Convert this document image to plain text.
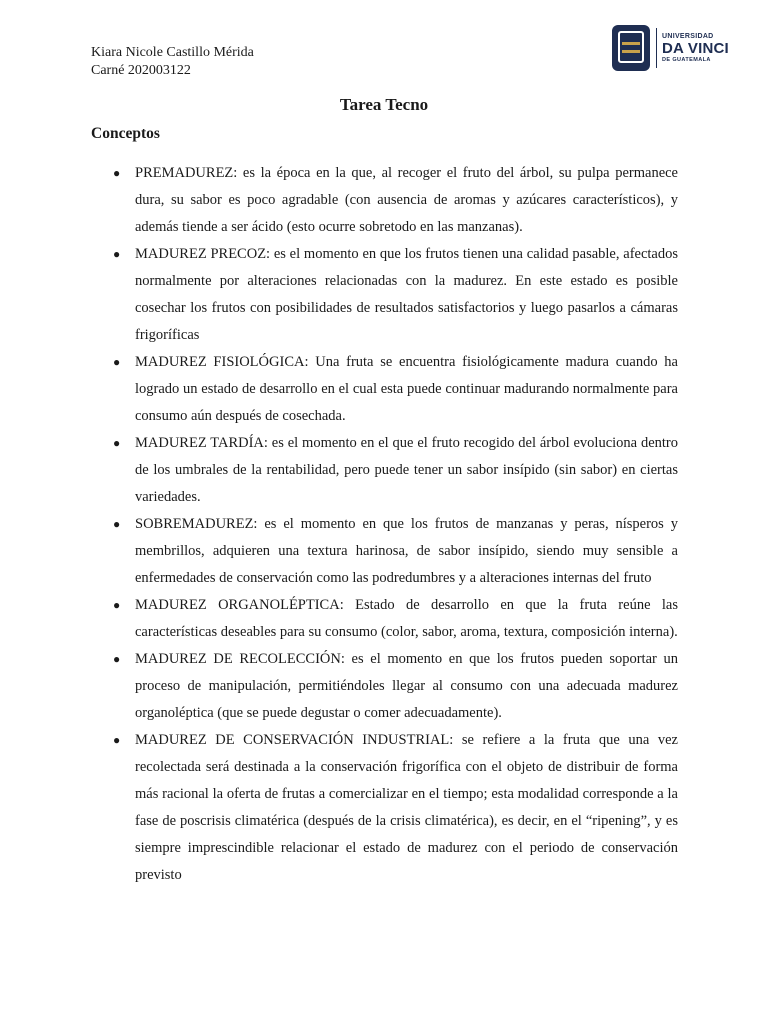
Kiara Nicole Castillo Mérida
Carné 202003122
UNIVERSIDAD
DA VINCI
DE GUATEMALA
Tarea Tecno
Conceptos
● PREMADUREZ: es la época en la que, al recoger el fruto del árbol, su pulpa permanece dura, su sabor es poco agradable (con ausencia de aromas y azúcares característicos), y además tiende a ser ácido (esto ocurre sobretodo en las manzanas).
● MADUREZ PRECOZ: es el momento en que los frutos tienen una calidad pasable, afectados normalmente por alteraciones relacionadas con la madurez. En este estado es posible cosechar los frutos con posibilidades de resultados satisfactorios y luego pasarlos a cámaras frigoríficas
● MADUREZ FISIOLÓGICA: Una fruta se encuentra fisiológicamente madura cuando ha logrado un estado de desarrollo en el cual esta puede continuar madurando normalmente para consumo aún después de cosechada.
● MADUREZ TARDÍA: es el momento en el que el fruto recogido del árbol evoluciona dentro de los umbrales de la rentabilidad, pero puede tener un sabor insípido (sin sabor) en ciertas variedades.
● SOBREMADUREZ: es el momento en que los frutos de manzanas y peras, nísperos y membrillos, adquieren una textura harinosa, de sabor insípido, siendo muy sensible a enfermedades de conservación como las podredumbres y a alteraciones internas del fruto
● MADUREZ ORGANOLÉPTICA: Estado de desarrollo en que la fruta reúne las características deseables para su consumo (color, sabor, aroma, textura, composición interna).
● MADUREZ DE RECOLECCIÓN: es el momento en que los frutos pueden soportar un proceso de manipulación, permitiéndoles llegar al consumo con una adecuada madurez organoléptica (que se puede degustar o comer adecuadamente).
● MADUREZ DE CONSERVACIÓN INDUSTRIAL: se refiere a la fruta que una vez recolectada será destinada a la conservación frigorífica con el objeto de distribuir de forma más racional la oferta de frutas a comercializar en el tiempo; esta modalidad corresponde a la fase de poscrisis climatérica (después de la crisis climatérica), es decir, en el “ripening”, y es siempre imprescindible relacionar el estado de madurez con el periodo de conservación previsto
